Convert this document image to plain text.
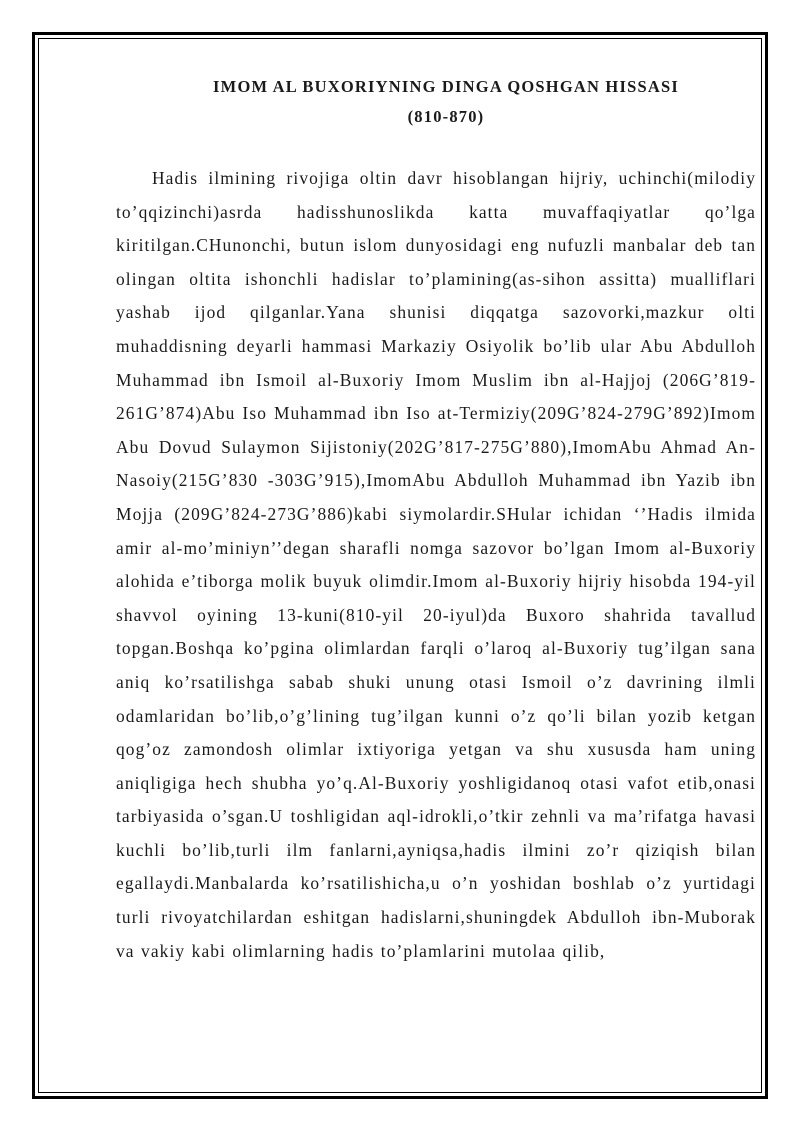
IMOM AL BUXORIYNING DINGA QOSHGAN HISSASI

(810-870)

Hadis ilmining rivojiga oltin davr hisoblangan hijriy, uchinchi(milodiy to’qqizinchi)asrda hadisshunoslikda katta muvaffaqiyatlar qo’lga kiritilgan.CHunonchi, butun islom dunyosidagi eng nufuzli manbalar deb tan olingan oltita ishonchli hadislar to’plamining(as-sihon assitta) mualliflari yashab ijod qilganlar.Yana shunisi diqqatga sazovorki,mazkur olti muhaddisning deyarli hammasi Markaziy Osiyolik bo’lib ular Abu Abdulloh Muhammad ibn Ismoil al-Buxoriy Imom Muslim ibn al-Hajjoj (206G’819-261G’874)Abu Iso Muhammad ibn Iso at-Termiziy(209G’824-279G’892)Imom Abu Dovud Sulaymon Sijistoniy(202G’817-275G’880),ImomAbu Ahmad An-Nasoiy(215G’830 -303G’915),ImomAbu Abdulloh Muhammad ibn Yazib ibn Mojja (209G’824-273G’886)kabi siymolardir.SHular ichidan ‘’Hadis ilmida amir al-mo’miniyn’’degan sharafli nomga sazovor bo’lgan Imom al-Buxoriy alohida e’tiborga molik buyuk olimdir.Imom al-Buxoriy hijriy hisobda 194-yil shavvol oyining 13-kuni(810-yil 20-iyul)da Buxoro shahrida tavallud topgan.Boshqa ko’pgina olimlardan farqli o’laroq al-Buxoriy tug’ilgan sana aniq ko’rsatilishga sabab shuki unung otasi Ismoil o’z davrining ilmli odamlaridan bo’lib,o’g’lining tug’ilgan kunni o’z qo’li bilan yozib ketgan qog’oz zamondosh olimlar ixtiyoriga yetgan va shu xususda ham uning aniqligiga hech shubha yo’q.Al-Buxoriy yoshligidanoq otasi vafot etib,onasi tarbiyasida o’sgan.U toshligidan aql-idrokli,o’tkir zehnli va ma’rifatga havasi kuchli bo’lib,turli ilm fanlarni,ayniqsa,hadis ilmini zo’r qiziqish bilan egallaydi.Manbalarda ko’rsatilishicha,u o’n yoshidan boshlab o’z yurtidagi turli rivoyatchilardan eshitgan hadislarni,shuningdek Abdulloh ibn-Muborak va vakiy kabi olimlarning hadis to’plamlarini mutolaa qilib,
